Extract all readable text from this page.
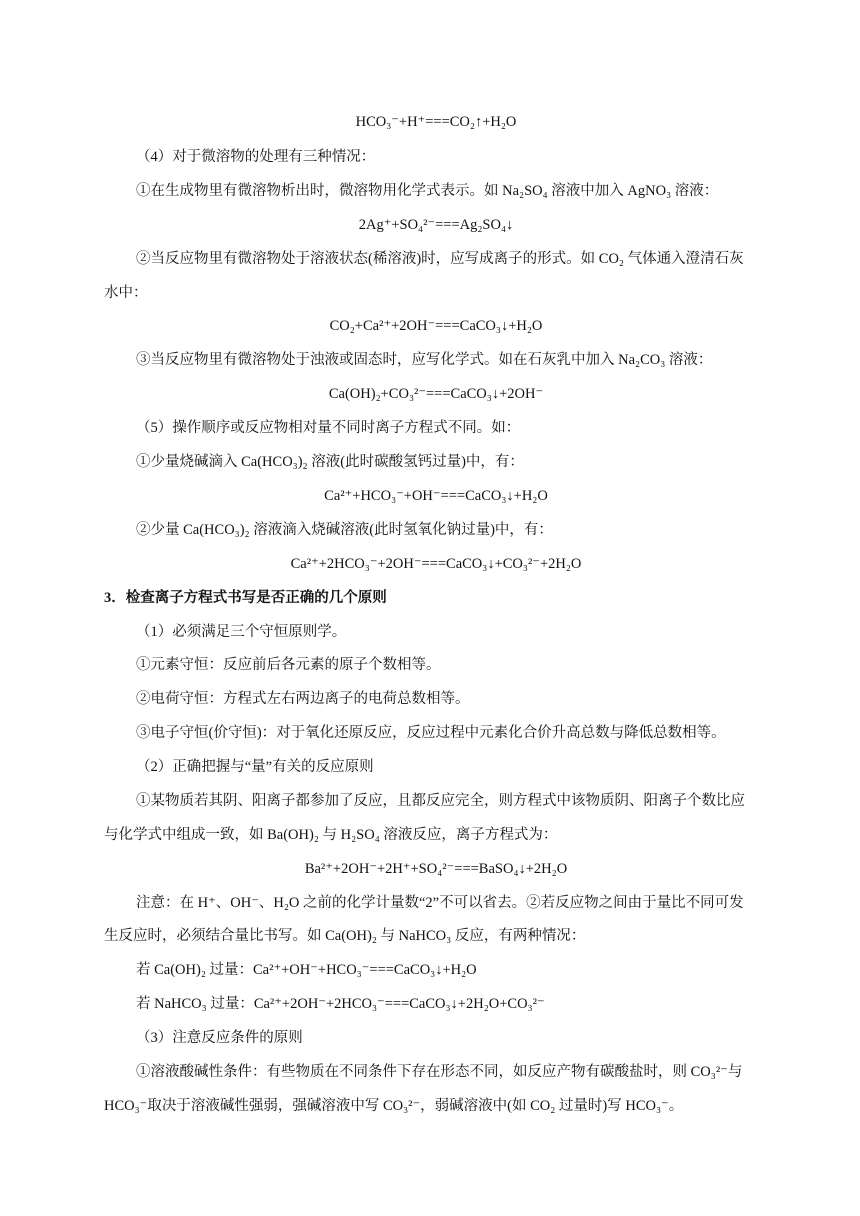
HCO₃⁻+H⁺===CO₂↑+H₂O
（4）对于微溶物的处理有三种情况：
①在生成物里有微溶物析出时，微溶物用化学式表示。如 Na₂SO₄ 溶液中加入 AgNO₃ 溶液：
2Ag⁺+SO₄²⁻===Ag₂SO₄↓
②当反应物里有微溶物处于溶液状态(稀溶液)时，应写成离子的形式。如 CO₂ 气体通入澄清石灰
水中：
CO₂+Ca²⁺+2OH⁻===CaCO₃↓+H₂O
③当反应物里有微溶物处于浊液或固态时，应写化学式。如在石灰乳中加入 Na₂CO₃ 溶液：
Ca(OH)₂+CO₃²⁻===CaCO₃↓+2OH⁻
（5）操作顺序或反应物相对量不同时离子方程式不同。如：
①少量烧碱滴入 Ca(HCO₃)₂ 溶液(此时碳酸氢钙过量)中，有：
Ca²⁺+HCO₃⁻+OH⁻===CaCO₃↓+H₂O
②少量 Ca(HCO₃)₂ 溶液滴入烧碱溶液(此时氢氧化钠过量)中，有：
Ca²⁺+2HCO₃⁻+2OH⁻===CaCO₃↓+CO₃²⁻+2H₂O
3．检查离子方程式书写是否正确的几个原则
（1）必须满足三个守恒原则学。
①元素守恒：反应前后各元素的原子个数相等。
②电荷守恒：方程式左右两边离子的电荷总数相等。
③电子守恒(价守恒)：对于氧化还原反应，反应过程中元素化合价升高总数与降低总数相等。
（2）正确把握与“量”有关的反应原则
①某物质若其阴、阳离子都参加了反应，且都反应完全，则方程式中该物质阴、阳离子个数比应
与化学式中组成一致，如 Ba(OH)₂ 与 H₂SO₄ 溶液反应，离子方程式为：
Ba²⁺+2OH⁻+2H⁺+SO₄²⁻===BaSO₄↓+2H₂O
注意：在 H⁺、OH⁻、H₂O 之前的化学计量数“2”不可以省去。②若反应物之间由于量比不同可发
生反应时，必须结合量比书写。如 Ca(OH)₂ 与 NaHCO₃ 反应，有两种情况：
若 Ca(OH)₂ 过量：Ca²⁺+OH⁻+HCO₃⁻===CaCO₃↓+H₂O
若 NaHCO₃ 过量：Ca²⁺+2OH⁻+2HCO₃⁻===CaCO₃↓+2H₂O+CO₃²⁻
（3）注意反应条件的原则
①溶液酸碱性条件：有些物质在不同条件下存在形态不同，如反应产物有碳酸盐时，则 CO₃²⁻与
HCO₃⁻取决于溶液碱性强弱，强碱溶液中写 CO₃²⁻，弱碱溶液中(如 CO₂ 过量时)写 HCO₃⁻。
